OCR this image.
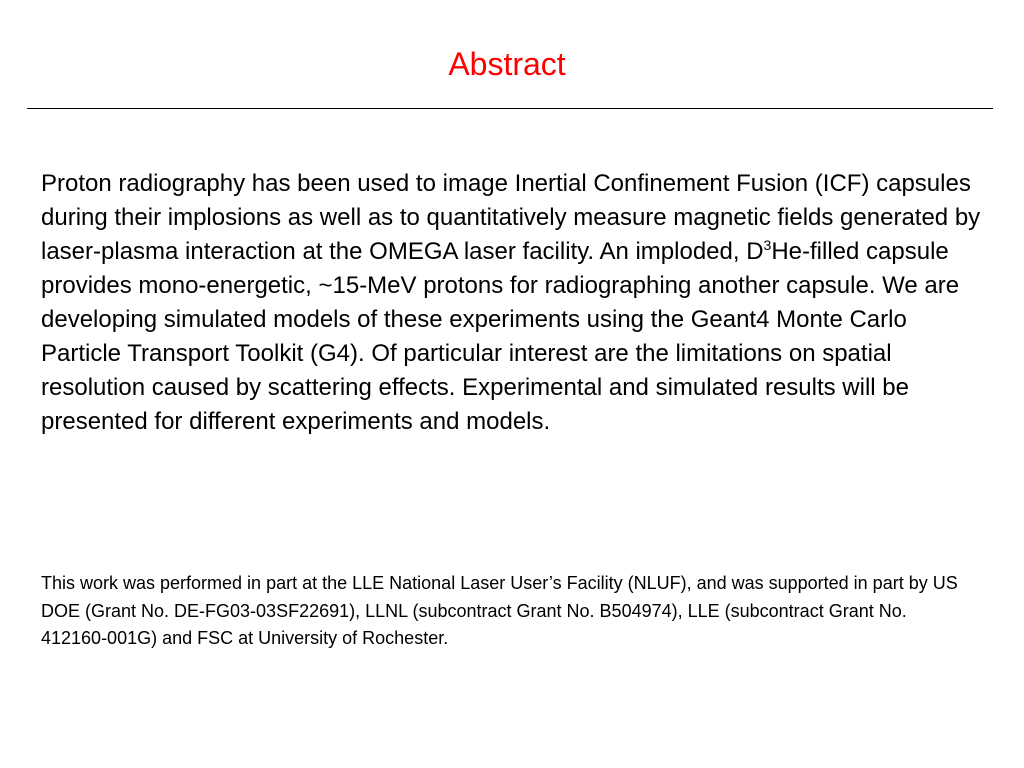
Abstract

Proton radiography has been used to image Inertial Confinement Fusion (ICF) capsules during their implosions as well as to quantitatively measure magnetic fields generated by laser-plasma interaction at the OMEGA laser facility. An imploded, $D^3He$-filled capsule provides mono-energetic, ~15-MeV protons for radiographing another capsule. We are developing simulated models of these experiments using the Geant4 Monte Carlo Particle Transport Toolkit (G4). Of particular interest are the limitations on spatial resolution caused by scattering effects. Experimental and simulated results will be presented for different experiments and models.

This work was performed in part at the LLE National Laser User’s Facility (NLUF), and was supported in part by US DOE (Grant No. DE-FG03-03SF22691), LLNL (subcontract Grant No. B504974), LLE (subcontract Grant No. 412160-001G) and FSC at University of Rochester.
